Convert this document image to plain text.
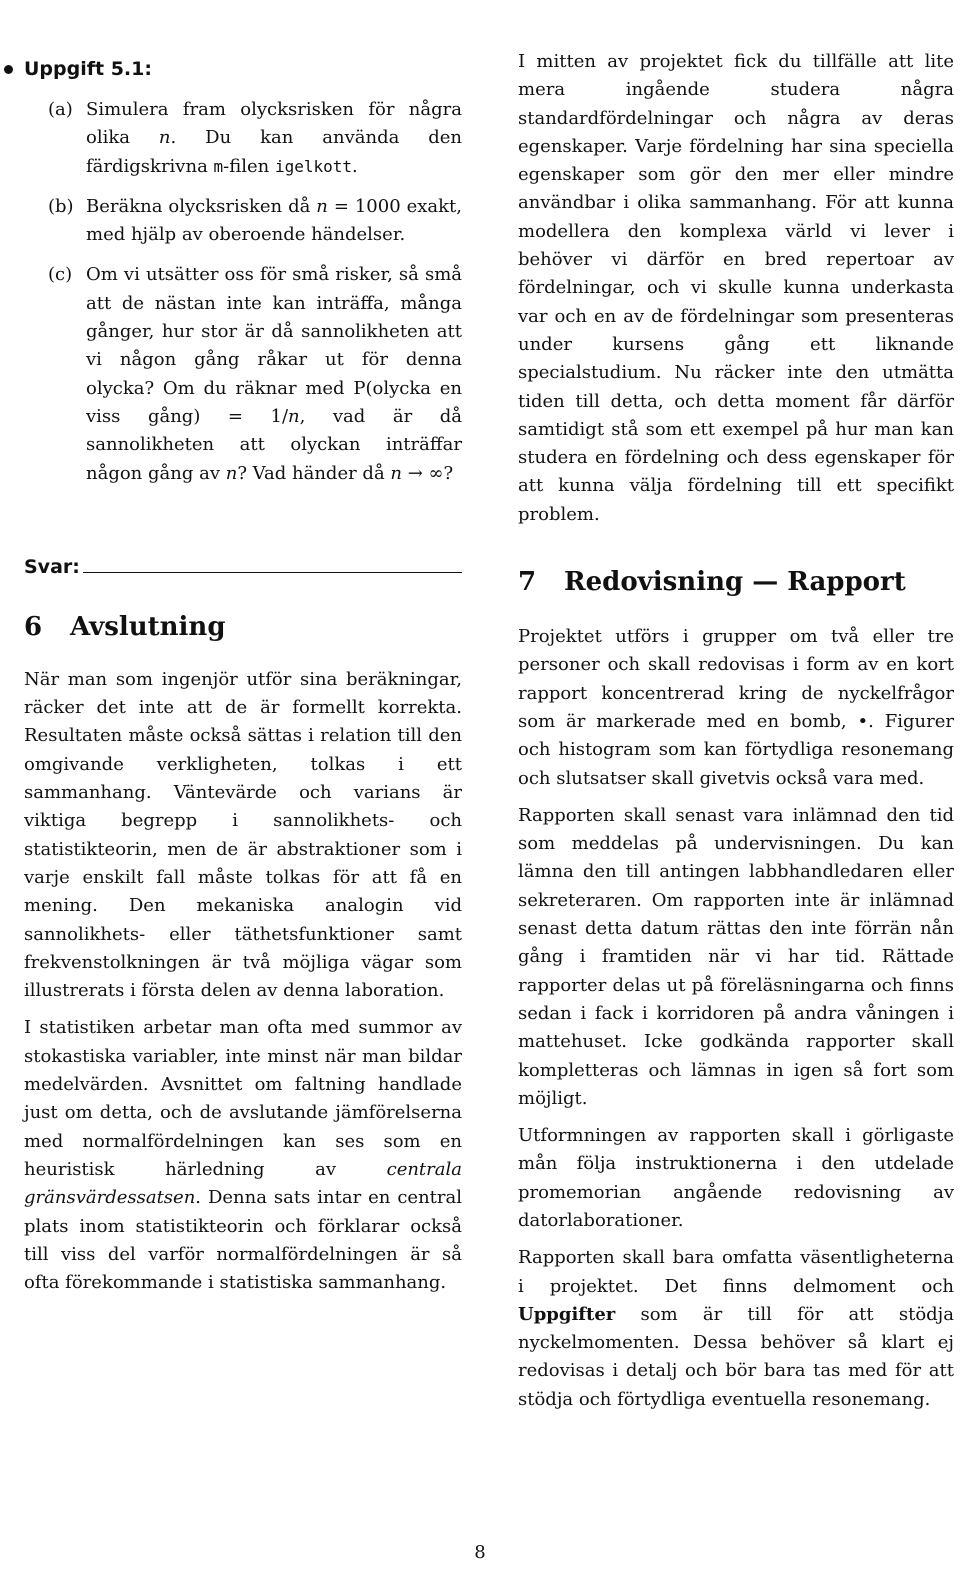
Uppgift 5.1:
(a) Simulera fram olycksrisken för några olika n. Du kan använda den färdigskrivna m-filen igelkott.

(b) Beräkna olycksrisken då n = 1000 exakt, med hjälp av oberoende händelser.

(c) Om vi utsätter oss för små risker, så små att de nästan inte kan inträffa, många gånger, hur stor är då sannolikheten att vi någon gång råkar ut för denna olycka? Om du räknar med P(olycka en viss gång) = 1/n, vad är då sannolikheten att olyckan inträffar någon gång av n? Vad händer då n → ∞?

Svar:
6	Avslutning

När man som ingenjör utför sina beräkningar, räcker det inte att de är formellt korrekta. Resultaten måste också sättas i relation till den omgivande verkligheten, tolkas i ett sammanhang. Väntevärde och varians är viktiga begrepp i sannolikhets- och statistikteorin, men de är abstraktioner som i varje enskilt fall måste tolkas för att få en mening. Den mekaniska analogin vid sannolikhets- eller täthetsfunktioner samt frekvenstolkningen är två möjliga vägar som illustrerats i första delen av denna laboration.

I statistiken arbetar man ofta med summor av stokastiska variabler, inte minst när man bildar medelvärden. Avsnittet om faltning handlade just om detta, och de avslutande jämförelserna med normalfördelningen kan ses som en heuristisk härledning av centrala gränsvärdessatsen. Denna sats intar en central plats inom statistikteorin och förklarar också till viss del varför normalfördelningen är så ofta förekommande i statistiska sammanhang.

I mitten av projektet fick du tillfälle att lite mera ingående studera några standardfördelningar och några av deras egenskaper. Varje fördelning har sina speciella egenskaper som gör den mer eller mindre användbar i olika sammanhang. För att kunna modellera den komplexa värld vi lever i behöver vi därför en bred repertoar av fördelningar, och vi skulle kunna underkasta var och en av de fördelningar som presenteras under kursens gång ett liknande specialstudium. Nu räcker inte den utmätta tiden till detta, och detta moment får därför samtidigt stå som ett exempel på hur man kan studera en fördelning och dess egenskaper för att kunna välja fördelning till ett specifikt problem.

7	Redovisning — Rapport

Projektet utförs i grupper om två eller tre personer och skall redovisas i form av en kort rapport koncentrerad kring de nyckelfrågor som är markerade med en bomb, •. Figurer och histogram som kan förtydliga resonemang och slutsatser skall givetvis också vara med.

Rapporten skall senast vara inlämnad den tid som meddelas på undervisningen. Du kan lämna den till antingen labbhandledaren eller sekreteraren. Om rapporten inte är inlämnad senast detta datum rättas den inte förrän nån gång i framtiden när vi har tid. Rättade rapporter delas ut på föreläsningarna och finns sedan i fack i korridoren på andra våningen i mattehuset. Icke godkända rapporter skall kompletteras och lämnas in igen så fort som möjligt.

Utformningen av rapporten skall i görligaste mån följa instruktionerna i den utdelade promemorian angående redovisning av datorlaborationer.

Rapporten skall bara omfatta väsentligheterna i projektet. Det finns delmoment och Uppgifter som är till för att stödja nyckelmomenten. Dessa behöver så klart ej redovisas i detalj och bör bara tas med för att stödja och förtydliga eventuella resonemang.

8
